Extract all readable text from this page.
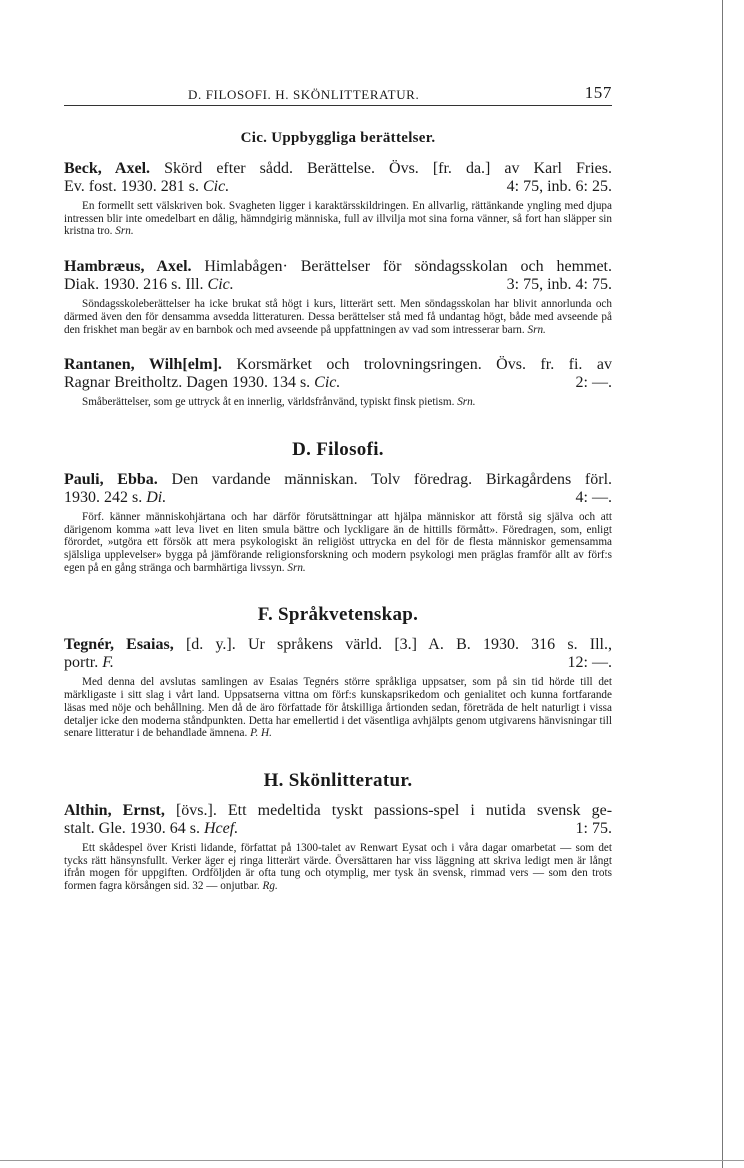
D. FILOSOFI. H. SKÖNLITTERATUR.	157
Cic. Uppbyggliga berättelser.
Beck, Axel. Skörd efter sådd. Berättelse. Övs. [fr. da.] av Karl Fries.
Ev. fost. 1930. 281 s. Cic.	4: 75, inb. 6: 25.
En formellt sett välskriven bok. Svagheten ligger i karaktärsskildringen. En allvarlig, rättänkande yngling med djupa intressen blir inte omedelbart en dålig, hämndgirig människa, full av illvilja mot sina forna vänner, så fort han släpper sin kristna tro. Srn.
Hambræus, Axel. Himlabågen· Berättelser för söndagsskolan och hemmet.
Diak. 1930. 216 s. Ill. Cic.	3: 75, inb. 4: 75.
Söndagsskoleberättelser ha icke brukat stå högt i kurs, litterärt sett. Men söndagsskolan har blivit annorlunda och därmed även den för densamma avsedda litteraturen. Dessa berättelser stå med få undantag högt, både med avseende på den friskhet man begär av en barnbok och med avseende på uppfattningen av vad som intresserar barn. Srn.
Rantanen, Wilh[elm]. Korsmärket och trolovningsringen. Övs. fr. fi. av
Ragnar Breitholtz. Dagen 1930. 134 s. Cic.	2: —.
Småberättelser, som ge uttryck åt en innerlig, världsfrånvänd, typiskt finsk pietism. Srn.
D. Filosofi.
Pauli, Ebba. Den vardande människan. Tolv föredrag. Birkagårdens förl.
1930. 242 s. Di.	4: —.
Förf. känner människohjärtana och har därför förutsättningar att hjälpa människor att förstå sig själva och att därigenom komma »att leva livet en liten smula bättre och lyckligare än de hittills förmått». Föredragen, som, enligt förordet, »utgöra ett försök att mera psykologiskt än religiöst uttrycka en del för de flesta människor gemensamma själsliga upplevelser» bygga på jämförande religionsforskning och modern psykologi men präglas framför allt av förf:s egen på en gång stränga och barmhärtiga livssyn. Srn.
F. Språkvetenskap.
Tegnér, Esaias, [d. y.]. Ur språkens värld. [3.] A. B. 1930. 316 s. Ill.,
portr. F.	12: —.
Med denna del avslutas samlingen av Esaias Tegnérs större språkliga uppsatser, som på sin tid hörde till det märkligaste i sitt slag i vårt land. Uppsatserna vittna om förf:s kunskapsrikedom och genialitet och kunna fortfarande läsas med nöje och behållning. Men då de äro författade för åtskilliga årtionden sedan, företräda de helt naturligt i vissa detaljer icke den moderna ståndpunkten. Detta har emellertid i det väsentliga avhjälpts genom utgivarens hänvisningar till senare litteratur i de behandlade ämnena. P. H.
H. Skönlitteratur.
Althin, Ernst, [övs.]. Ett medeltida tyskt passions-spel i nutida svensk ge-
stalt. Gle. 1930. 64 s. Hcef.	1: 75.
Ett skådespel över Kristi lidande, författat på 1300-talet av Renwart Eysat och i våra dagar omarbetat — som det tycks rätt hänsynsfullt. Verker äger ej ringa litterärt värde. Översättaren har viss läggning att skriva ledigt men är långt ifrån mogen för uppgiften. Ordföljden är ofta tung och otymplig, mer tysk än svensk, rimmad vers — som den trots formen fagra körsången sid. 32 — onjutbar. Rg.
